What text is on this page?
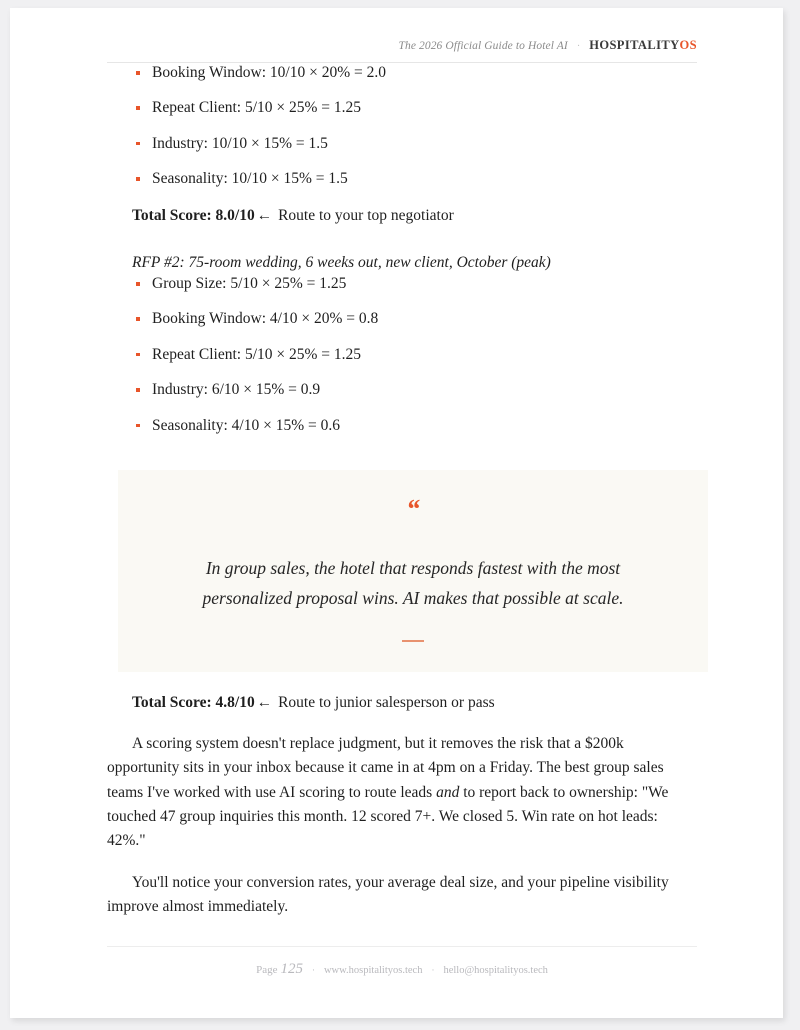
The 2026 Official Guide to Hotel AI · HOSPITALITYOS
Booking Window: 10/10 × 20% = 2.0
Repeat Client: 5/10 × 25% = 1.25
Industry: 10/10 × 15% = 1.5
Seasonality: 10/10 × 15% = 1.5

Total Score: 8.0/10 ← Route to your top negotiator

RFP #2: 75-room wedding, 6 weeks out, new client, October (peak)

Group Size: 5/10 × 25% = 1.25
Booking Window: 4/10 × 20% = 0.8
Repeat Client: 5/10 × 25% = 1.25
Industry: 6/10 × 15% = 0.9
Seasonality: 4/10 × 15% = 0.6
“
In group sales, the hotel that responds fastest with the most personalized proposal wins. AI makes that possible at scale.

Total Score: 4.8/10 ← Route to junior salesperson or pass

A scoring system doesn't replace judgment, but it removes the risk that a $200k opportunity sits in your inbox because it came in at 4pm on a Friday. The best group sales teams I've worked with use AI scoring to route leads and to report back to ownership: "We touched 47 group inquiries this month. 12 scored 7+. We closed 5. Win rate on hot leads: 42%."

You'll notice your conversion rates, your average deal size, and your pipeline visibility improve almost immediately.

Page 125 · www.hospitalityos.tech · hello@hospitalityos.tech
